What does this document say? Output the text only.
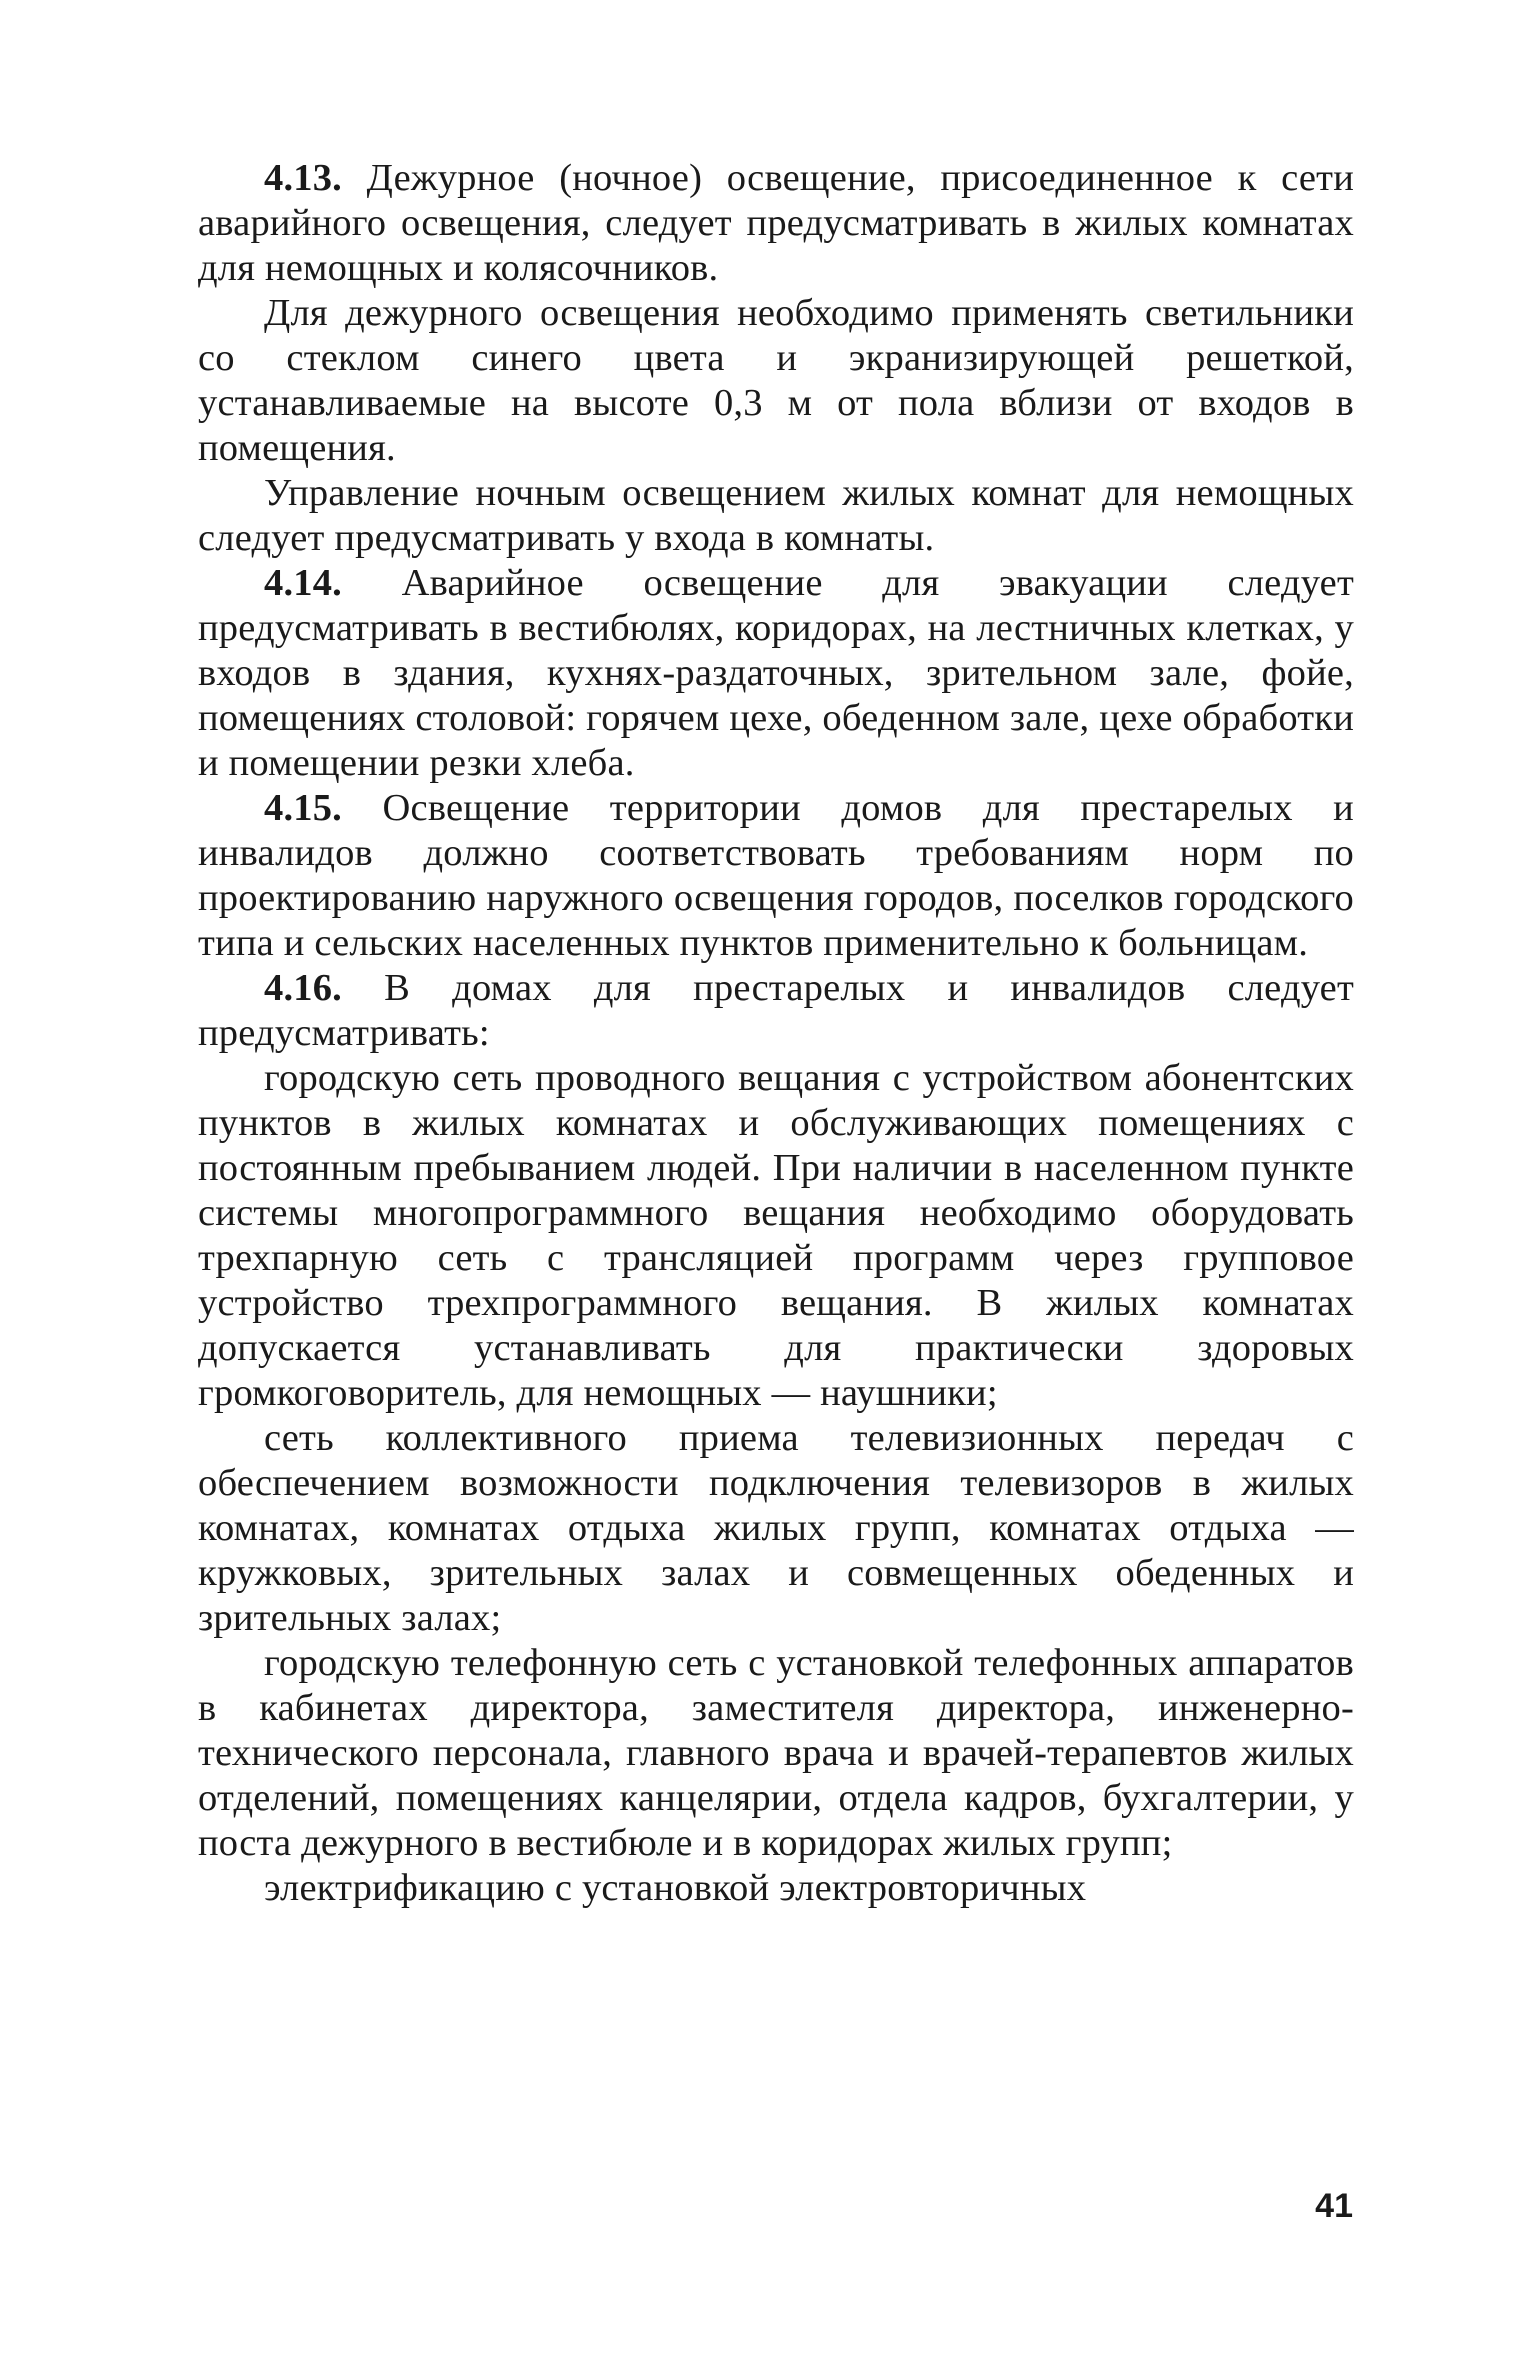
4.13. Дежурное (ночное) освещение, присоединенное к сети аварийного освещения, следует предусматривать в жилых комнатах для немощных и колясочников.

Для дежурного освещения необходимо применять светильники со стеклом синего цвета и экранизирующей решеткой, устанавливаемые на высоте 0,3 м от пола вблизи от входов в помещения.

Управление ночным освещением жилых комнат для немощных следует предусматривать у входа в комнаты.

4.14. Аварийное освещение для эвакуации следует предусматривать в вестибюлях, коридорах, на лестничных клетках, у входов в здания, кухнях-раздаточных, зрительном зале, фойе, помещениях столовой: горячем цехе, обеденном зале, цехе обработки и помещении резки хлеба.

4.15. Освещение территории домов для престарелых и инвалидов должно соответствовать требованиям норм по проектированию наружного освещения городов, поселков городского типа и сельских населенных пунктов применительно к больницам.

4.16. В домах для престарелых и инвалидов следует предусматривать:

городскую сеть проводного вещания с устройством абонентских пунктов в жилых комнатах и обслуживающих помещениях с постоянным пребыванием людей. При наличии в населенном пункте системы многопрограммного вещания необходимо оборудовать трехпарную сеть с трансляцией программ через групповое устройство трехпрограммного вещания. В жилых комнатах допускается устанавливать для практически здоровых громкоговоритель, для немощных — наушники;

сеть коллективного приема телевизионных передач с обеспечением возможности подключения телевизоров в жилых комнатах, комнатах отдыха жилых групп, комнатах отдыха — кружковых, зрительных залах и совмещенных обеденных и зрительных залах;

городскую телефонную сеть с установкой телефонных аппаратов в кабинетах директора, заместителя директора, инженерно-технического персонала, главного врача и врачей-терапевтов жилых отделений, помещениях канцелярии, отдела кадров, бухгалтерии, у поста дежурного в вестибюле и в коридорах жилых групп;

электрификацию с установкой электровторичных

41
